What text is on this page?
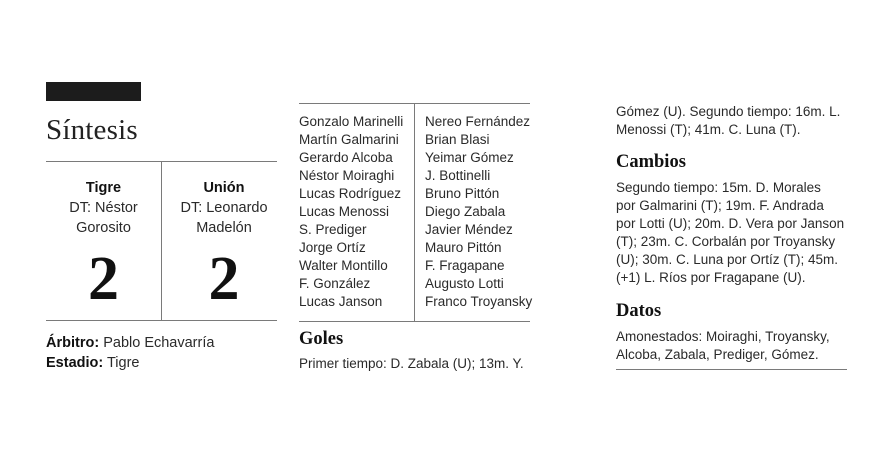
Síntesis
Tigre
DT: Néstor
Gorosito
2
Unión
DT: Leonardo
Madelón
2
Árbitro: Pablo Echavarría
Estadio: Tigre
Gonzalo Marinelli
Martín Galmarini
Gerardo Alcoba
Néstor Moiraghi
Lucas Rodríguez
Lucas Menossi
S. Prediger
Jorge Ortíz
Walter Montillo
F. González
Lucas Janson
Nereo Fernández
Brian Blasi
Yeimar Gómez
J. Bottinelli
Bruno Pittón
Diego Zabala
Javier Méndez
Mauro Pittón
F. Fragapane
Augusto Lotti
Franco Troyansky
Goles
Primer tiempo: D. Zabala (U); 13m. Y.
Gómez (U). Segundo tiempo: 16m. L.
Menossi (T); 41m. C. Luna (T).
Cambios
Segundo tiempo: 15m. D. Morales
por Galmarini (T); 19m. F. Andrada
por Lotti (U); 20m. D. Vera por Janson
(T); 23m. C. Corbalán por Troyansky
(U); 30m. C. Luna por Ortíz (T); 45m.
(+1) L. Ríos por Fragapane (U).
Datos
Amonestados: Moiraghi, Troyansky,
Alcoba, Zabala, Prediger, Gómez.
